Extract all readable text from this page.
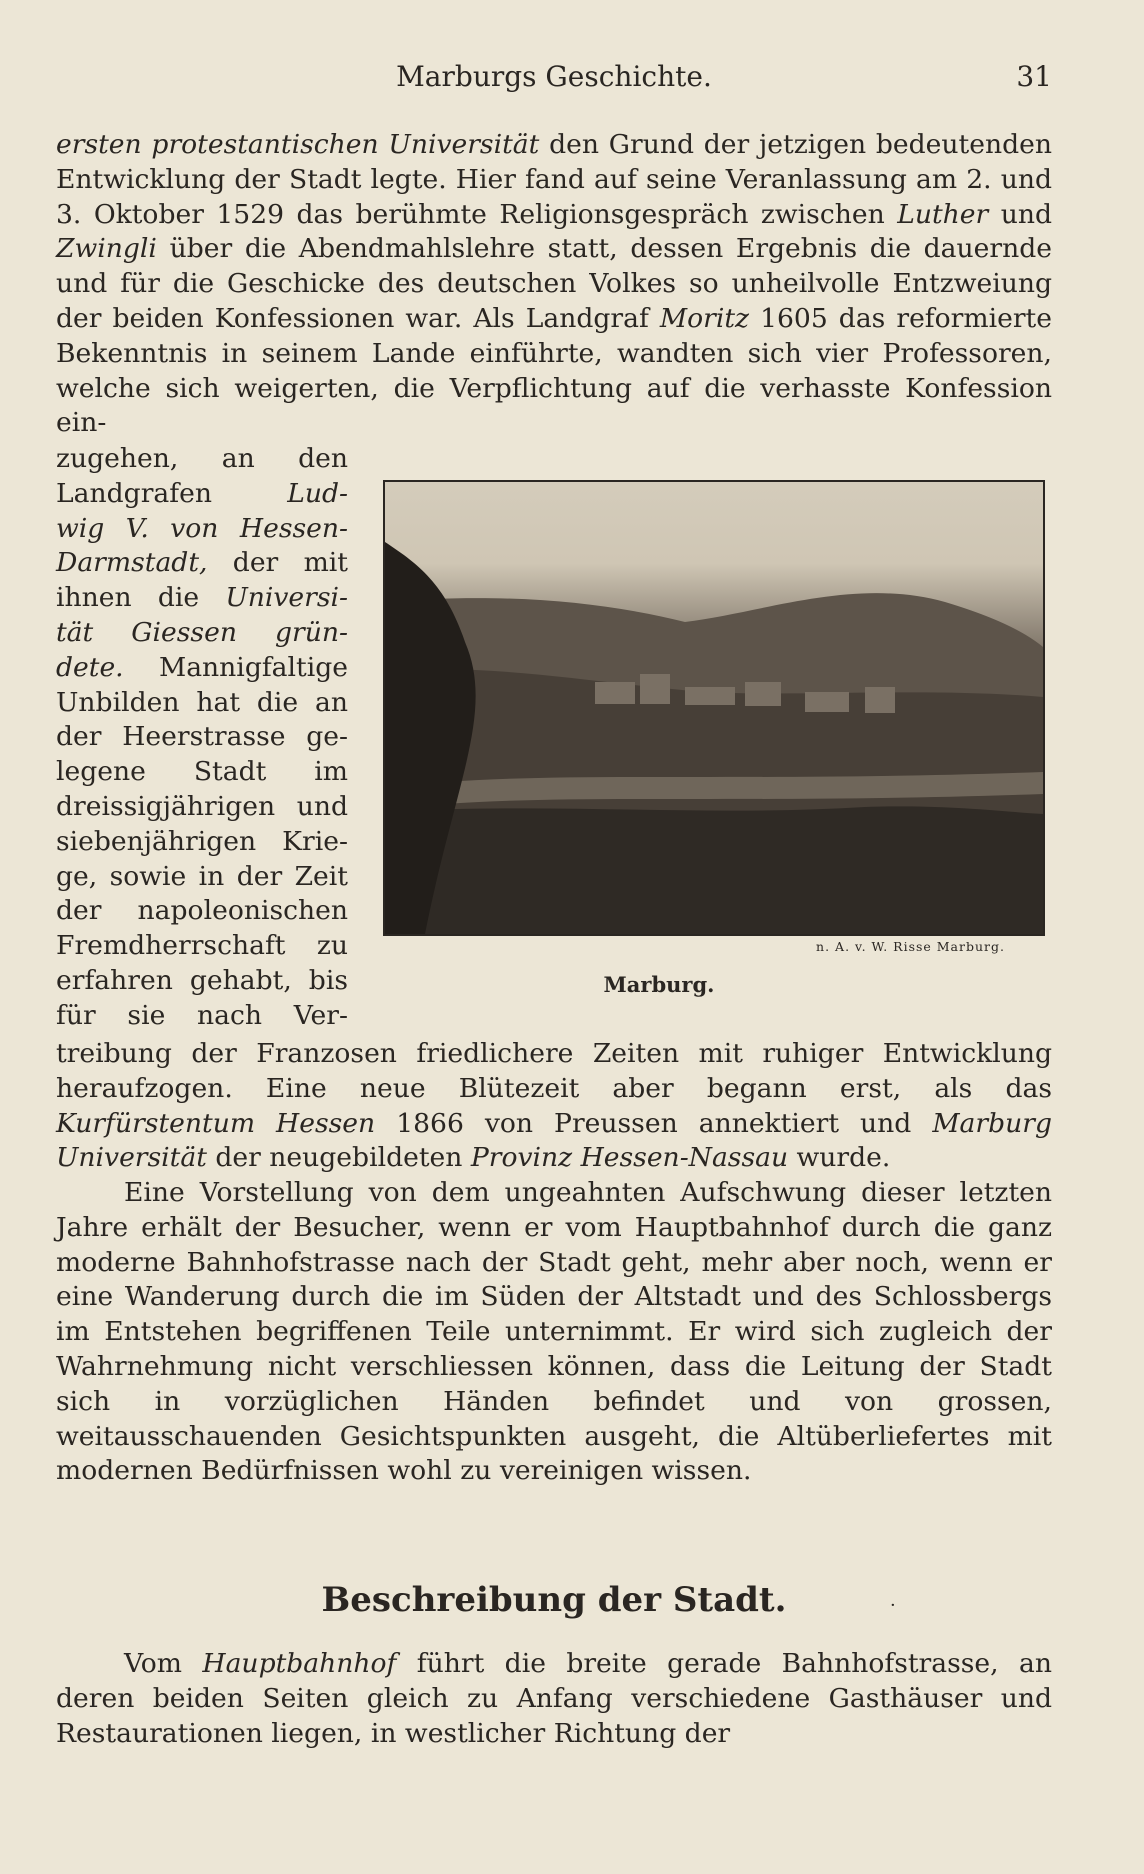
Marburgs Geschichte.	31

ersten protestantischen Universität den Grund der jetzigen bedeutenden Entwicklung der Stadt legte. Hier fand auf seine Veranlassung am 2. und 3. Oktober 1529 das berühmte Religionsgespräch zwischen Luther und Zwingli über die Abendmahlslehre statt, dessen Ergebnis die dauernde und für die Geschicke des deutschen Volkes so unheilvolle Entzweiung der beiden Konfessionen war. Als Landgraf Moritz 1605 das reformierte Bekenntnis in seinem Lande einführte, wandten sich vier Professoren, welche sich weigerten, die Verpflichtung auf die verhasste Konfession ein-

zugehen, an den
Landgrafen Lud-
wig V. von Hessen-
Darmstadt, der mit
ihnen die Universi-
tät Giessen grün-
dete. Mannigfaltige
Unbilden hat die an
der Heerstrasse ge-
legene Stadt im
dreissigjährigen und
siebenjährigen Krie-
ge, sowie in der Zeit
der napoleonischen
Fremdherrschaft zu
erfahren gehabt, bis
für sie nach Ver-

treibung der Franzosen friedlichere Zeiten mit ruhiger Entwicklung heraufzogen. Eine neue Blütezeit aber begann erst, als das Kurfürstentum Hessen 1866 von Preussen annektiert und Marburg Universität der neugebildeten Provinz Hessen-Nassau wurde.

Eine Vorstellung von dem ungeahnten Aufschwung dieser letzten Jahre erhält der Besucher, wenn er vom Hauptbahnhof durch die ganz moderne Bahnhofstrasse nach der Stadt geht, mehr aber noch, wenn er eine Wanderung durch die im Süden der Altstadt und des Schlossbergs im Entstehen begriffenen Teile unternimmt. Er wird sich zugleich der Wahrnehmung nicht verschliessen können, dass die Leitung der Stadt sich in vorzüglichen Händen befindet und von grossen, weitausschauenden Gesichtspunkten ausgeht, die Altüberliefertes mit modernen Bedürfnissen wohl zu vereinigen wissen.

Beschreibung der Stadt.	·

Vom Hauptbahnhof führt die breite gerade Bahnhofstrasse, an deren beiden Seiten gleich zu Anfang verschiedene Gasthäuser und Restaurationen liegen, in westlicher Richtung der

n. A. v. W. Risse Marburg.
Marburg.
